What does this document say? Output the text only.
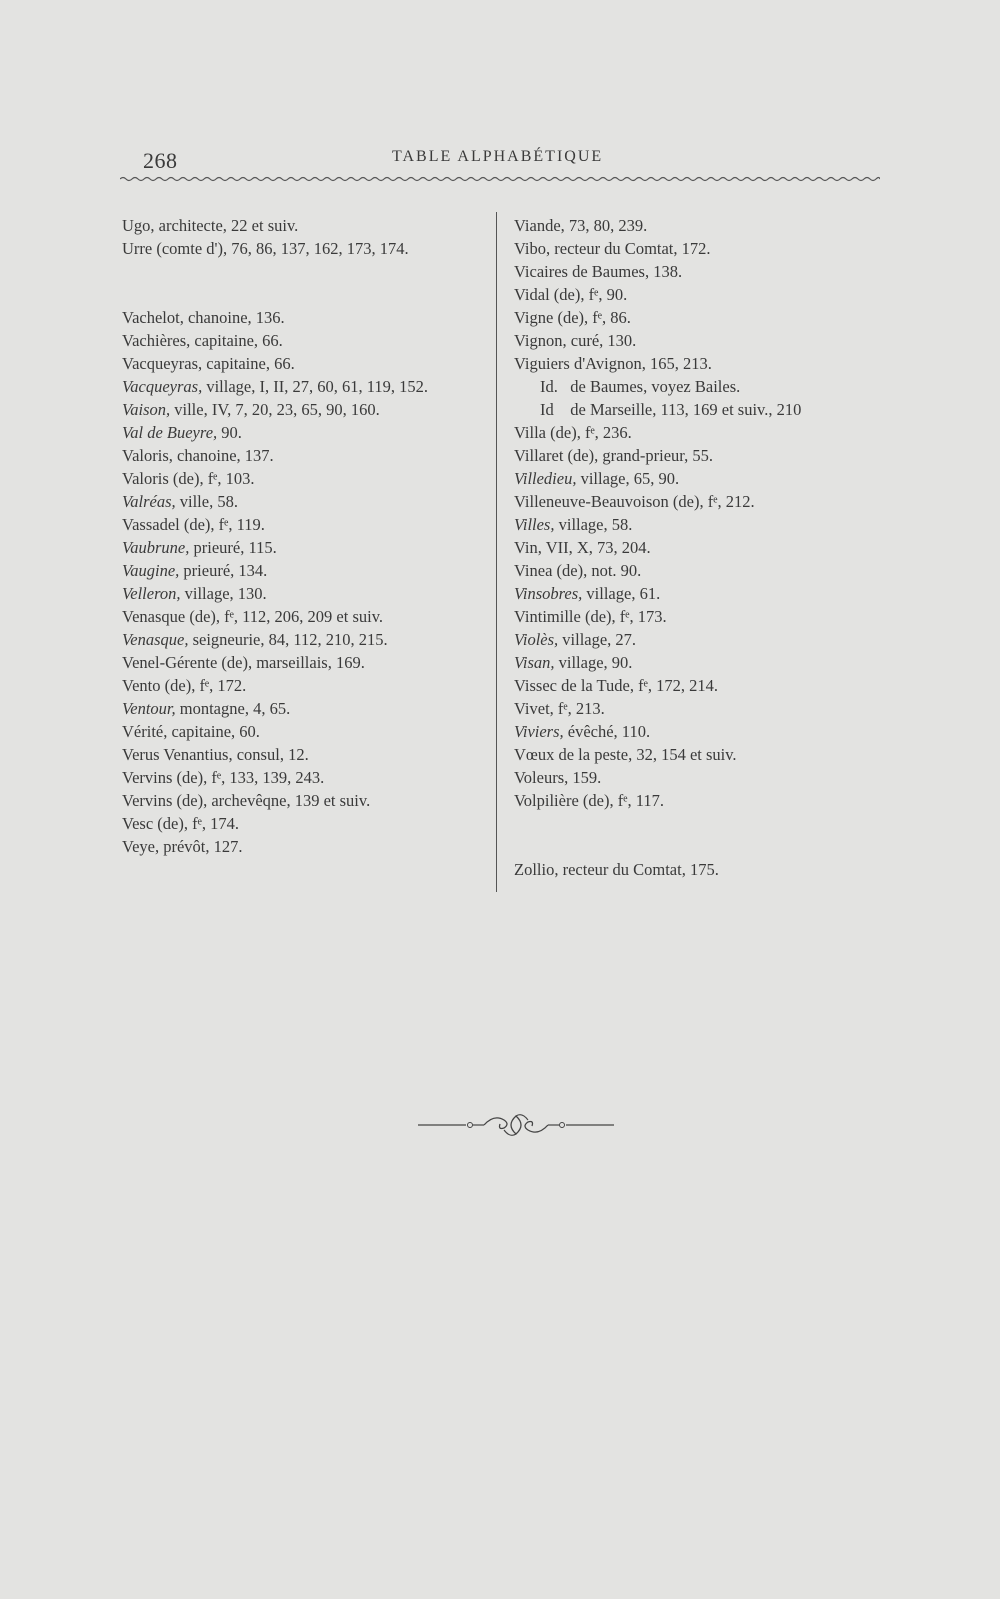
268	TABLE ALPHABÉTIQUE
Ugo, architecte, 22 et suiv.
Urre (comte d'), 76, 86, 137, 162, 173, 174.
Vachelot, chanoine, 136.
Vachières, capitaine, 66.
Vacqueyras, capitaine, 66.
Vacqueyras, village, I, II, 27, 60, 61, 119, 152.
Vaison, ville, IV, 7, 20, 23, 65, 90, 160.
Val de Bueyre, 90.
Valoris, chanoine, 137.
Valoris (de), fᵉ, 103.
Valréas, ville, 58.
Vassadel (de), fᵉ, 119.
Vaubrune, prieuré, 115.
Vaugine, prieuré, 134.
Velleron, village, 130.
Venasque (de), fᵉ, 112, 206, 209 et suiv.
Venasque, seigneurie, 84, 112, 210, 215.
Venel-Gérente (de), marseillais, 169.
Vento (de), fᵉ, 172.
Ventour, montagne, 4, 65.
Vérité, capitaine, 60.
Verus Venantius, consul, 12.
Vervins (de), fᵉ, 133, 139, 243.
Vervins (de), archevêqne, 139 et suiv.
Vesc (de), fᵉ, 174.
Veye, prévôt, 127.
Viande, 73, 80, 239.
Vibo, recteur du Comtat, 172.
Vicaires de Baumes, 138.
Vidal (de), fᵉ, 90.
Vigne (de), fᵉ, 86.
Vignon, curé, 130.
Viguiers d'Avignon, 165, 213.
Id.   de Baumes, voyez Bailes.
Id    de Marseille, 113, 169 et suiv., 210
Villa (de), fᵉ, 236.
Villaret (de), grand-prieur, 55.
Villedieu, village, 65, 90.
Villeneuve-Beauvoison (de), fᵉ, 212.
Villes, village, 58.
Vin, VII, X, 73, 204.
Vinea (de), not. 90.
Vinsobres, village, 61.
Vintimille (de), fᵉ, 173.
Violès, village, 27.
Visan, village, 90.
Vissec de la Tude, fᵉ, 172, 214.
Vivet, fᵉ, 213.
Viviers, évêché, 110.
Vœux de la peste, 32, 154 et suiv.
Voleurs, 159.
Volpilière (de), fᵉ, 117.
Zollio, recteur du Comtat, 175.
